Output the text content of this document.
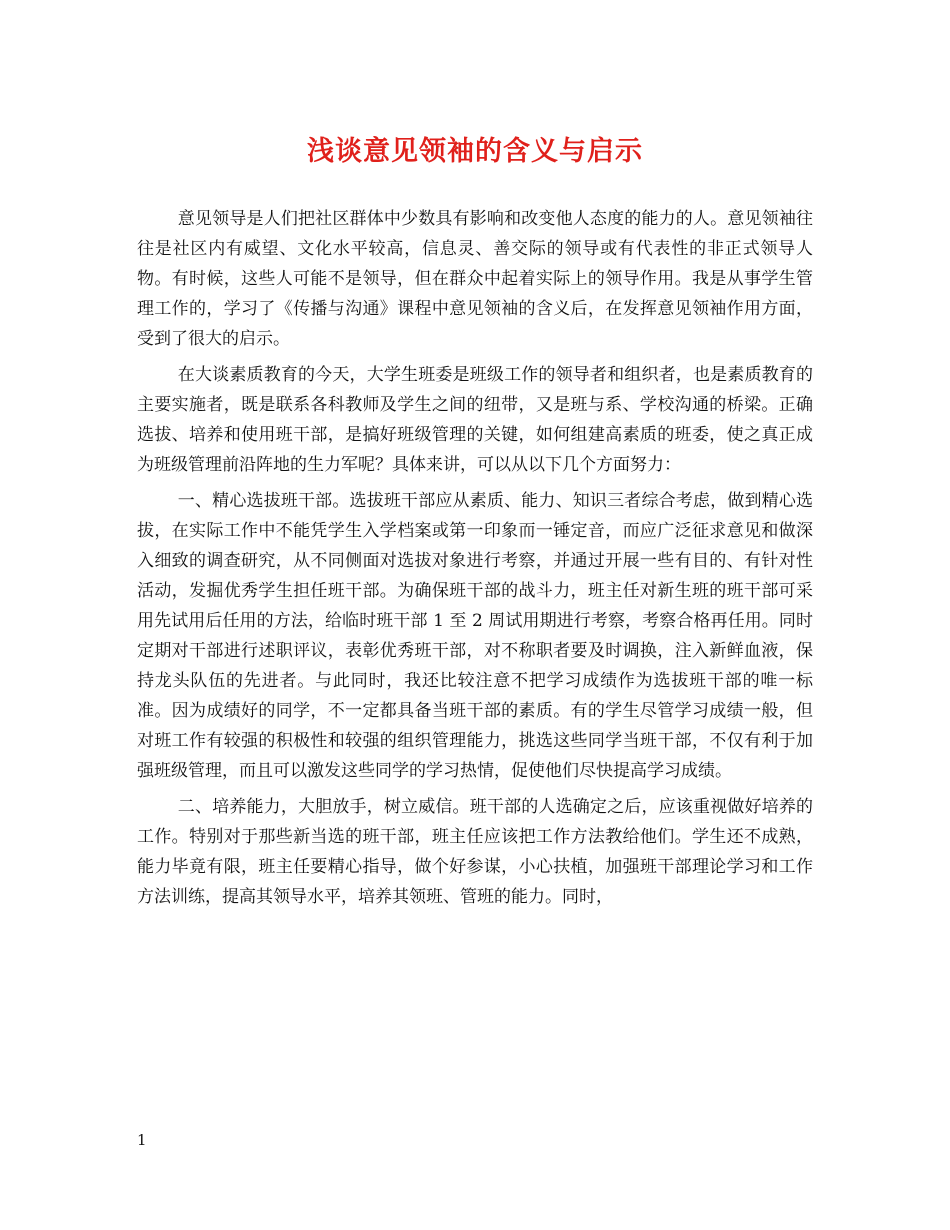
浅谈意见领袖的含义与启示

意见领导是人们把社区群体中少数具有影响和改变他人态度的能力的人。意见领袖往往是社区内有威望、文化水平较高，信息灵、善交际的领导或有代表性的非正式领导人物。有时候，这些人可能不是领导，但在群众中起着实际上的领导作用。我是从事学生管理工作的，学习了《传播与沟通》课程中意见领袖的含义后，在发挥意见领袖作用方面，受到了很大的启示。

在大谈素质教育的今天，大学生班委是班级工作的领导者和组织者，也是素质教育的主要实施者，既是联系各科教师及学生之间的纽带，又是班与系、学校沟通的桥梁。正确选拔、培养和使用班干部，是搞好班级管理的关键，如何组建高素质的班委，使之真正成为班级管理前沿阵地的生力军呢？具体来讲，可以从以下几个方面努力：

一、精心选拔班干部。选拔班干部应从素质、能力、知识三者综合考虑，做到精心选拔，在实际工作中不能凭学生入学档案或第一印象而一锤定音，而应广泛征求意见和做深入细致的调查研究，从不同侧面对选拔对象进行考察，并通过开展一些有目的、有针对性活动，发掘优秀学生担任班干部。为确保班干部的战斗力，班主任对新生班的班干部可采用先试用后任用的方法，给临时班干部 1 至 2 周试用期进行考察，考察合格再任用。同时定期对干部进行述职评议，表彰优秀班干部，对不称职者要及时调换，注入新鲜血液，保持龙头队伍的先进者。与此同时，我还比较注意不把学习成绩作为选拔班干部的唯一标准。因为成绩好的同学，不一定都具备当班干部的素质。有的学生尽管学习成绩一般，但对班工作有较强的积极性和较强的组织管理能力，挑选这些同学当班干部，不仅有利于加强班级管理，而且可以激发这些同学的学习热情，促使他们尽快提高学习成绩。

二、培养能力，大胆放手，树立威信。班干部的人选确定之后，应该重视做好培养的工作。特别对于那些新当选的班干部，班主任应该把工作方法教给他们。学生还不成熟，能力毕竟有限，班主任要精心指导，做个好参谋，小心扶植，加强班干部理论学习和工作方法训练，提高其领导水平，培养其领班、管班的能力。同时，

1
